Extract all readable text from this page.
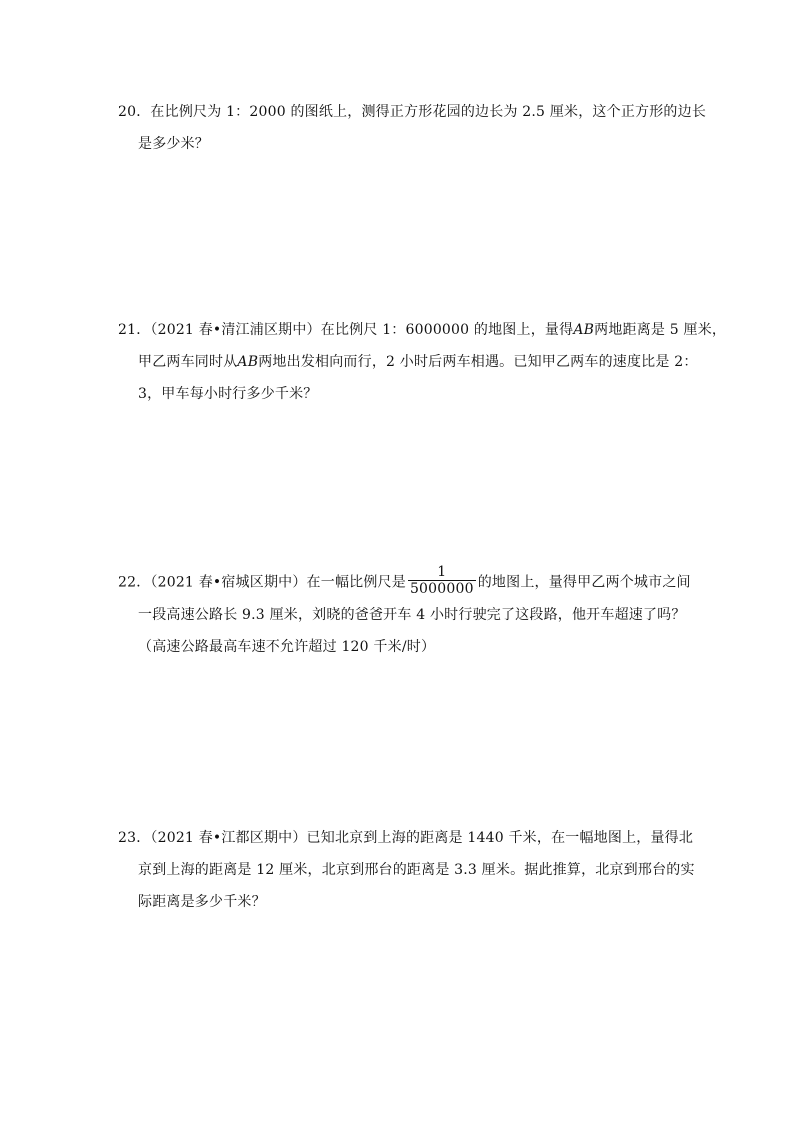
20．在比例尺为 1：2000 的图纸上，测得正方形花园的边长为 2.5 厘米，这个正方形的边长
是多少米？
21．（2021 春•清江浦区期中）在比例尺 1：6000000 的地图上，量得AB两地距离是 5 厘米，
甲乙两车同时从AB两地出发相向而行，2 小时后两车相遇。已知甲乙两车的速度比是 2：
3，甲车每小时行多少千米？
22．（2021 春•宿城区期中）在一幅比例尺是 $\frac{1}{5000000}$ 的地图上，量得甲乙两个城市之间
一段高速公路长 9.3 厘米，刘晓的爸爸开车 4 小时行驶完了这段路，他开车超速了吗？
（高速公路最高车速不允许超过 120 千米/时）
23．（2021 春•江都区期中）已知北京到上海的距离是 1440 千米，在一幅地图上，量得北
京到上海的距离是 12 厘米，北京到邢台的距离是 3.3 厘米。据此推算，北京到邢台的实
际距离是多少千米？
